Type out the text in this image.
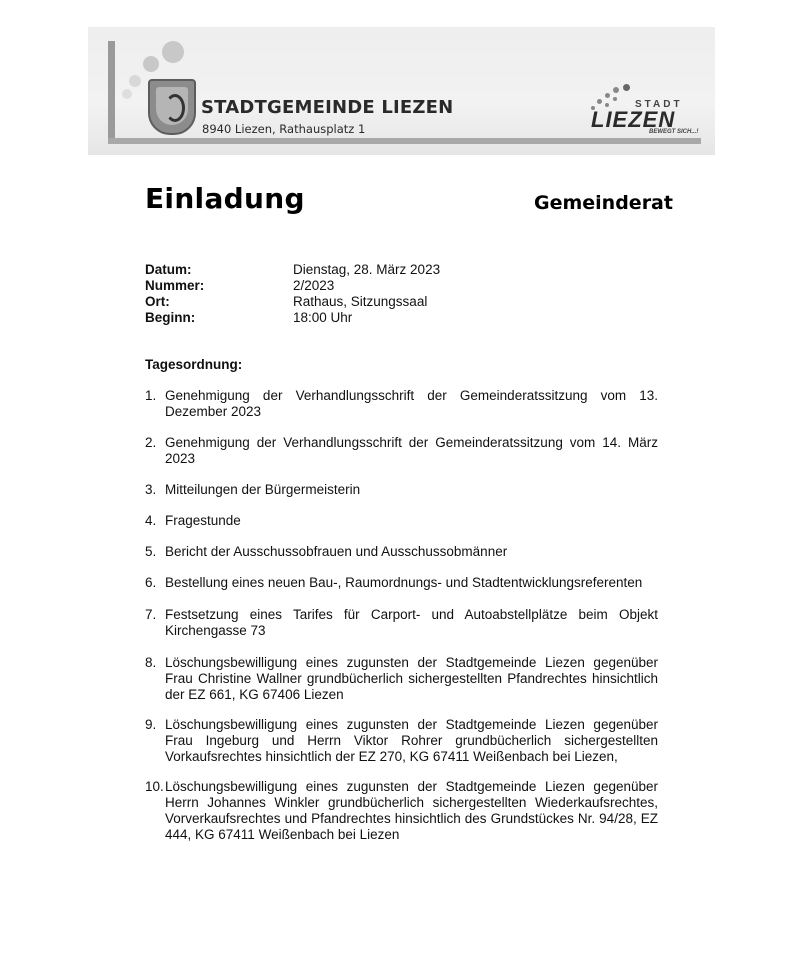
STADTGEMEINDE LIEZEN
8940 Liezen, Rathausplatz 1
STADT
LIEZEN
BEWEGT SICH...!
Einladung	Gemeinderat
Datum:	Dienstag, 28. März 2023
Nummer:	2/2023
Ort:	Rathaus, Sitzungssaal
Beginn:	18:00 Uhr
Tagesordnung:
1. Genehmigung der Verhandlungsschrift der Gemeinderatssitzung vom 13. Dezember 2023
2. Genehmigung der Verhandlungsschrift der Gemeinderatssitzung vom 14. März 2023
3. Mitteilungen der Bürgermeisterin
4. Fragestunde
5. Bericht der Ausschussobfrauen und Ausschussobmänner
6. Bestellung eines neuen Bau-, Raumordnungs- und Stadtentwicklungsreferenten
7. Festsetzung eines Tarifes für Carport- und Autoabstellplätze beim Objekt Kirchengasse 73
8. Löschungsbewilligung eines zugunsten der Stadtgemeinde Liezen gegenüber Frau Christine Wallner grundbücherlich sichergestellten Pfandrechtes hinsichtlich der EZ 661, KG 67406 Liezen
9. Löschungsbewilligung eines zugunsten der Stadtgemeinde Liezen gegenüber Frau Ingeburg und Herrn Viktor Rohrer grundbücherlich sichergestellten Vorkaufsrechtes hinsichtlich der EZ 270, KG 67411 Weißenbach bei Liezen,
10. Löschungsbewilligung eines zugunsten der Stadtgemeinde Liezen gegenüber Herrn Johannes Winkler grundbücherlich sichergestellten Wiederkaufsrechtes, Vorverkaufsrechtes und Pfandrechtes hinsichtlich des Grundstückes Nr. 94/28, EZ 444, KG 67411 Weißenbach bei Liezen
